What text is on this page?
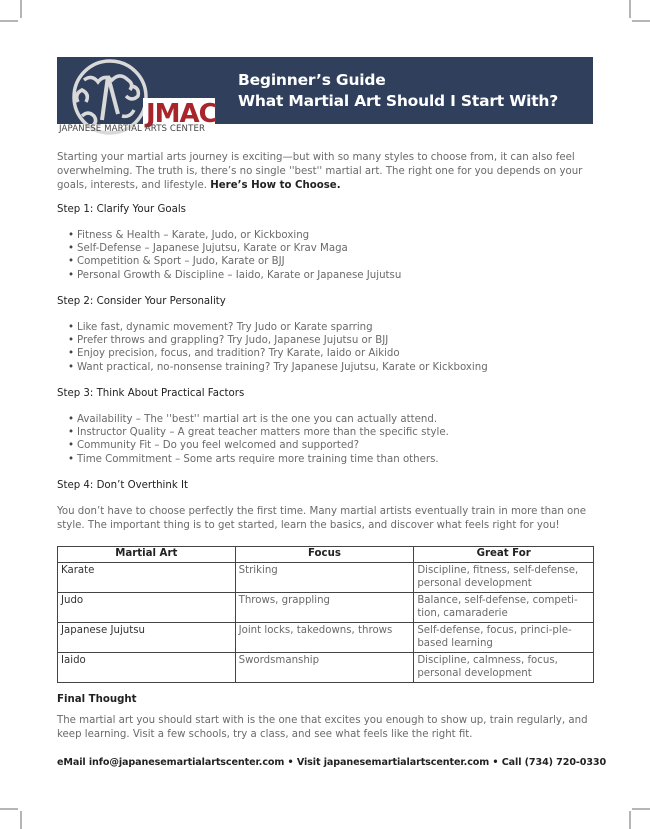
Beginner’s Guide
What Martial Art Should I Start With?
JMAC
JAPANESE MARTIAL ARTS CENTER

Starting your martial arts journey is exciting—but with so many styles to choose from, it can also feel overwhelming. The truth is, there’s no single ''best'' martial art. The right one for you depends on your goals, interests, and lifestyle. Here’s How to Choose.

Step 1: Clarify Your Goals
• Fitness & Health – Karate, Judo, or Kickboxing
• Self-Defense – Japanese Jujutsu, Karate or Krav Maga
• Competition & Sport – Judo, Karate or BJJ
• Personal Growth & Discipline – Iaido, Karate or Japanese Jujutsu
Step 2: Consider Your Personality
• Like fast, dynamic movement? Try Judo or Karate sparring
• Prefer throws and grappling? Try Judo, Japanese Jujutsu or BJJ
• Enjoy precision, focus, and tradition? Try Karate, Iaido or Aikido
• Want practical, no-nonsense training? Try Japanese Jujutsu, Karate or Kickboxing
Step 3: Think About Practical Factors
• Availability – The ''best'' martial art is the one you can actually attend.
• Instructor Quality – A great teacher matters more than the specific style.
• Community Fit – Do you feel welcomed and supported?
• Time Commitment – Some arts require more training time than others.
Step 4: Don’t Overthink It

You don’t have to choose perfectly the first time. Many martial artists eventually train in more than one style. The important thing is to get started, learn the basics, and discover what feels right for you!

Martial Art	Focus	Great For
Karate	Striking	Discipline, fitness, self-defense, personal development
Judo	Throws, grappling	Balance, self-defense, competi-tion, camaraderie
Japanese Jujutsu	Joint locks, takedowns, throws	Self-defense, focus, princi-ple-based learning
Iaido	Swordsmanship	Discipline, calmness, focus, personal development
Final Thought

The martial art you should start with is the one that excites you enough to show up, train regularly, and keep learning. Visit a few schools, try a class, and see what feels like the right fit.

eMail info@japanesemartialartscenter.com • Visit japanesemartialartscenter.com • Call (734) 720-0330
